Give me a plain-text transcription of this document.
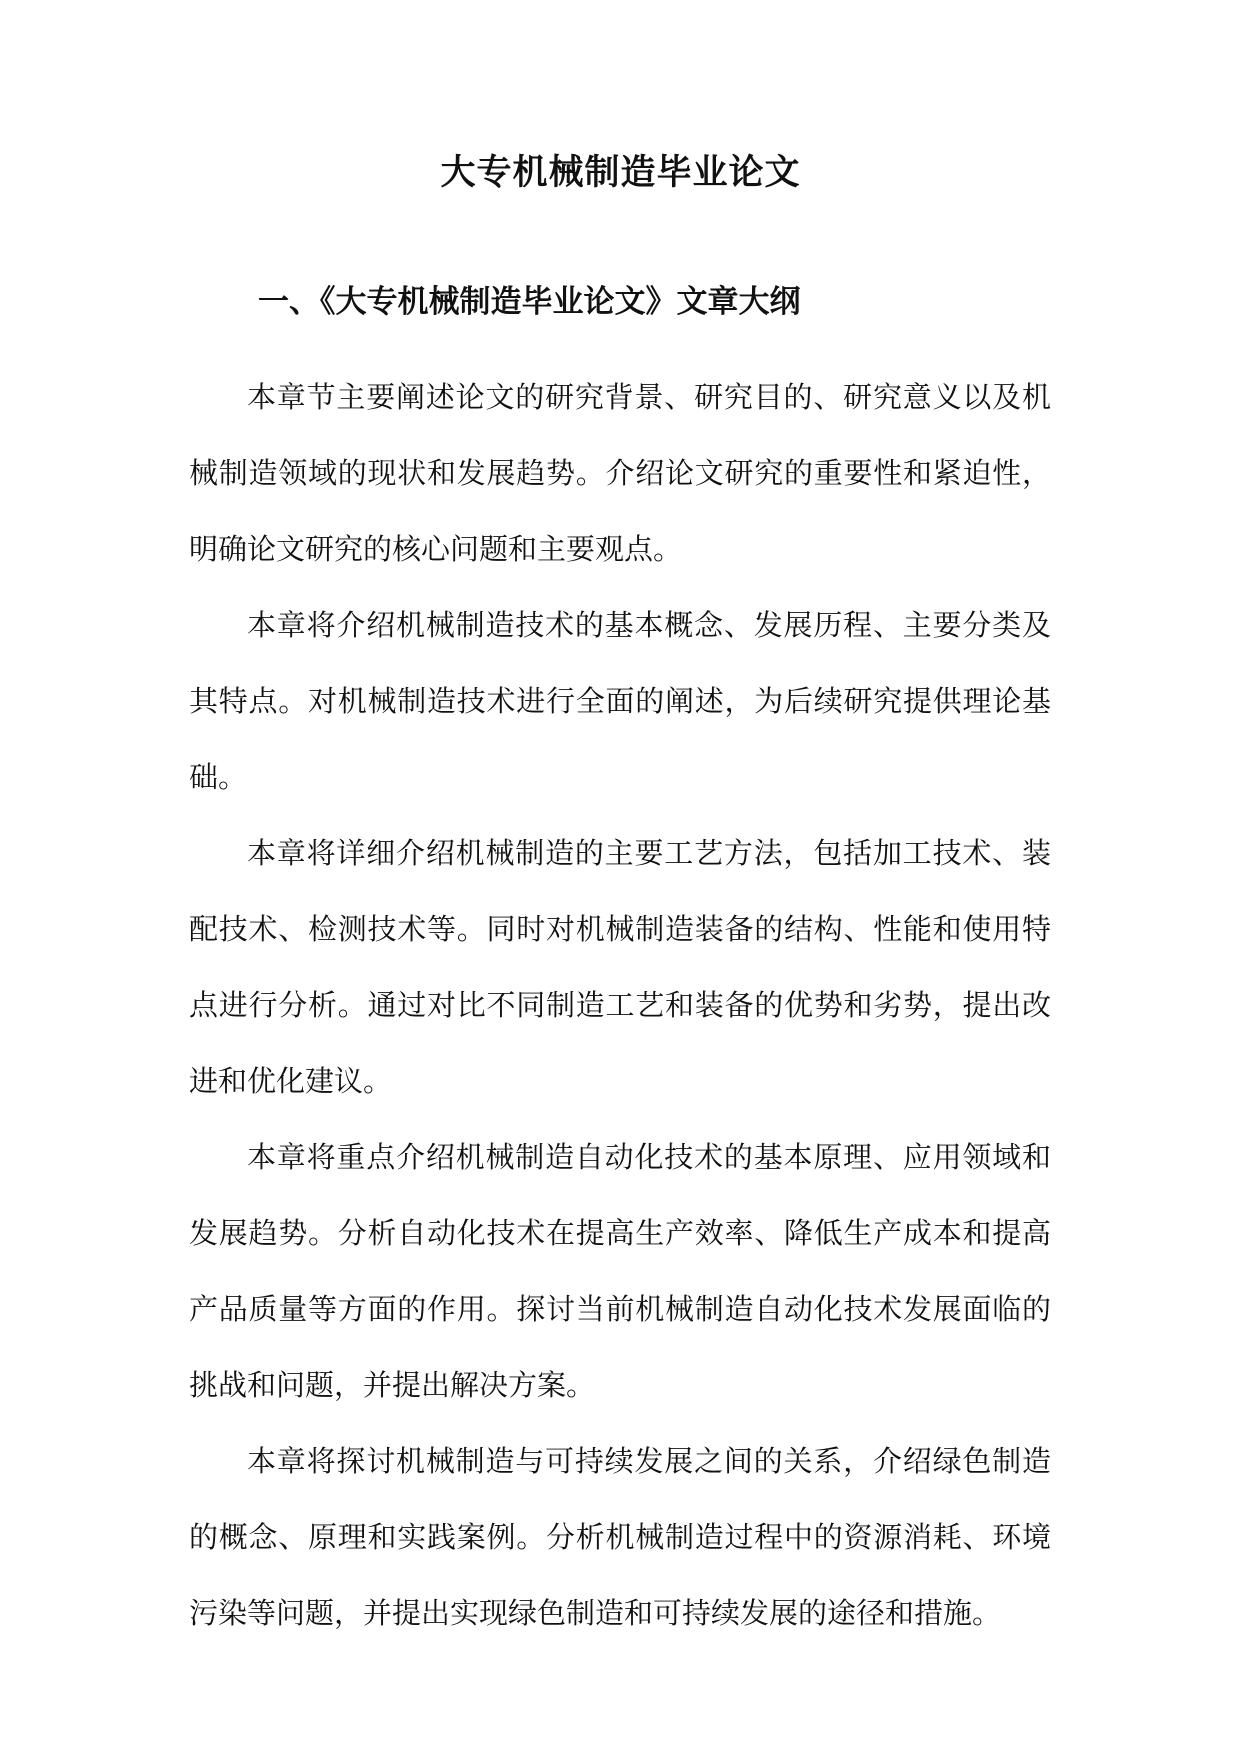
大专机械制造毕业论文
一、《大专机械制造毕业论文》文章大纲

本章节主要阐述论文的研究背景、研究目的、研究意义以及机械制造领域的现状和发展趋势。介绍论文研究的重要性和紧迫性，明确论文研究的核心问题和主要观点。

本章将介绍机械制造技术的基本概念、发展历程、主要分类及其特点。对机械制造技术进行全面的阐述，为后续研究提供理论基础。

本章将详细介绍机械制造的主要工艺方法，包括加工技术、装配技术、检测技术等。同时对机械制造装备的结构、性能和使用特点进行分析。通过对比不同制造工艺和装备的优势和劣势，提出改进和优化建议。

本章将重点介绍机械制造自动化技术的基本原理、应用领域和发展趋势。分析自动化技术在提高生产效率、降低生产成本和提高产品质量等方面的作用。探讨当前机械制造自动化技术发展面临的挑战和问题，并提出解决方案。

本章将探讨机械制造与可持续发展之间的关系，介绍绿色制造的概念、原理和实践案例。分析机械制造过程中的资源消耗、环境污染等问题，并提出实现绿色制造和可持续发展的途径和措施。
